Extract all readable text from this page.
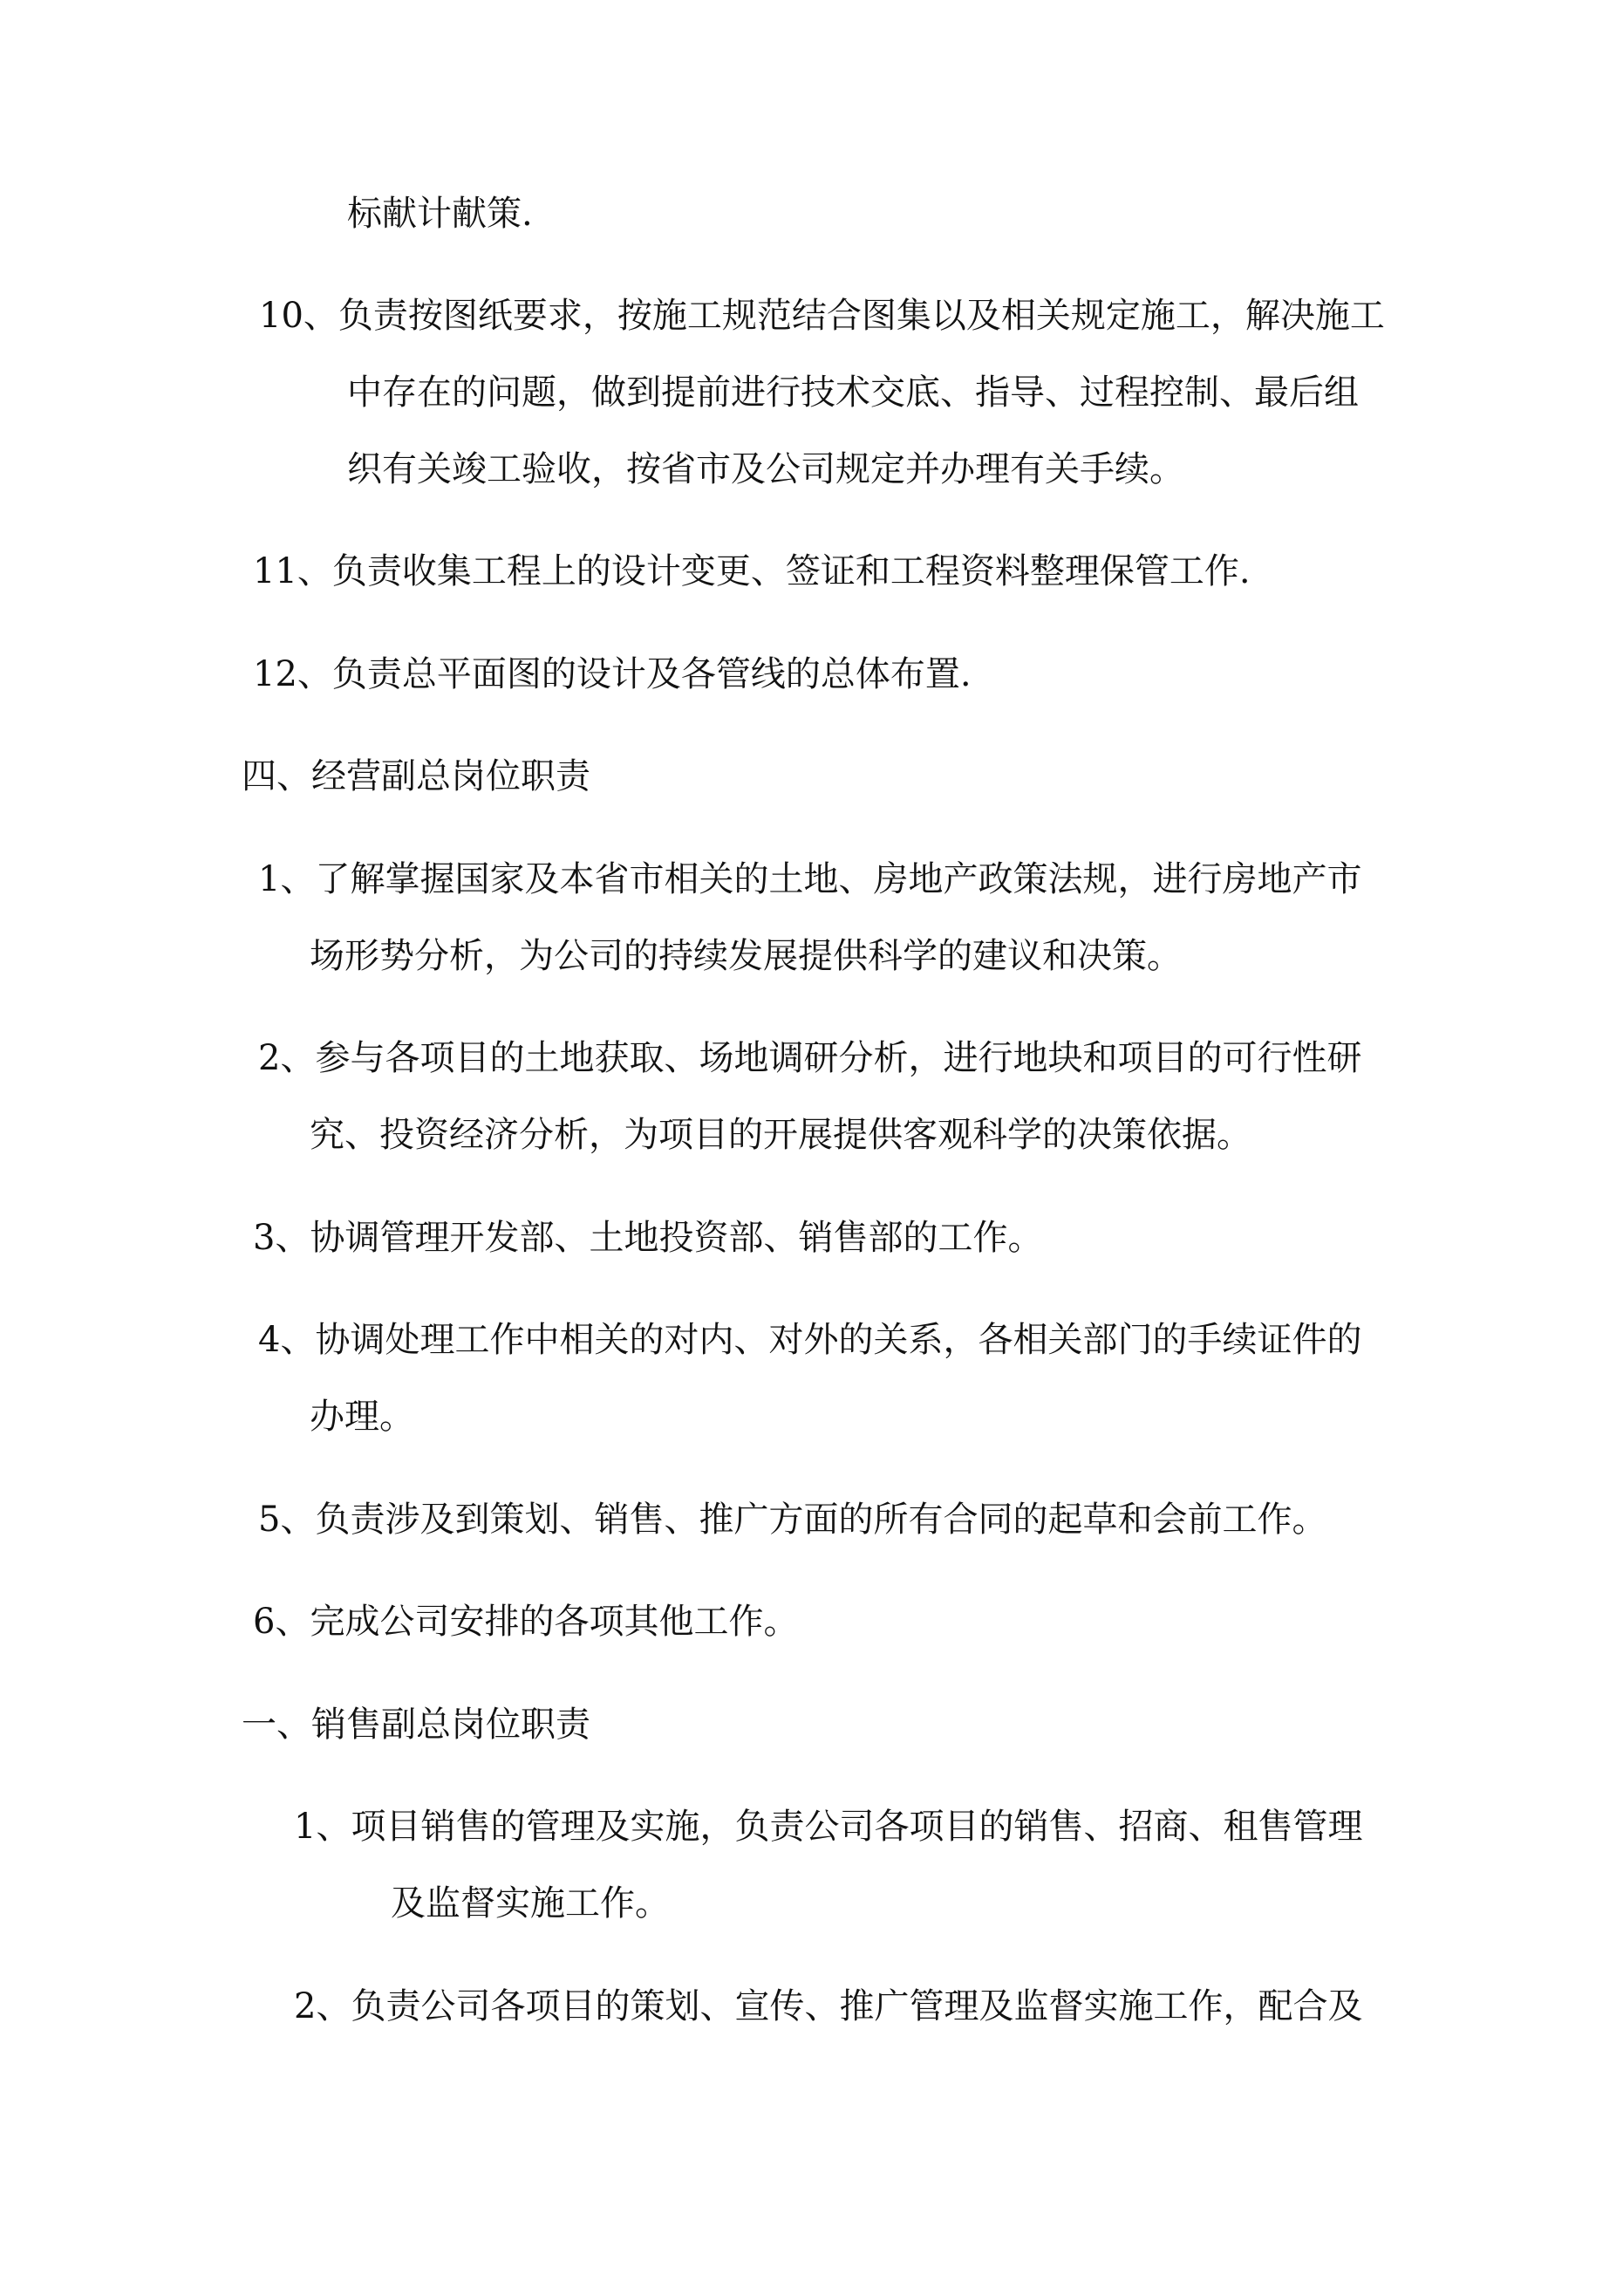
标献计献策.
10、负责按图纸要求，按施工规范结合图集以及相关规定施工，解决施工
中存在的问题，做到提前进行技术交底、指导、过程控制、最后组
织有关竣工验收，按省市及公司规定并办理有关手续。
11、负责收集工程上的设计变更、签证和工程资料整理保管工作.
12、负责总平面图的设计及各管线的总体布置.
四、经营副总岗位职责
1、了解掌握国家及本省市相关的土地、房地产政策法规，进行房地产市
场形势分析，为公司的持续发展提供科学的建议和决策。
2、参与各项目的土地获取、场地调研分析，进行地块和项目的可行性研
究、投资经济分析，为项目的开展提供客观科学的决策依据。
3、协调管理开发部、土地投资部、销售部的工作。
4、协调处理工作中相关的对内、对外的关系，各相关部门的手续证件的
办理。
5、负责涉及到策划、销售、推广方面的所有合同的起草和会前工作。
6、完成公司安排的各项其他工作。
一、销售副总岗位职责
1、项目销售的管理及实施，负责公司各项目的销售、招商、租售管理
及监督实施工作。
2、负责公司各项目的策划、宣传、推广管理及监督实施工作，配合及
